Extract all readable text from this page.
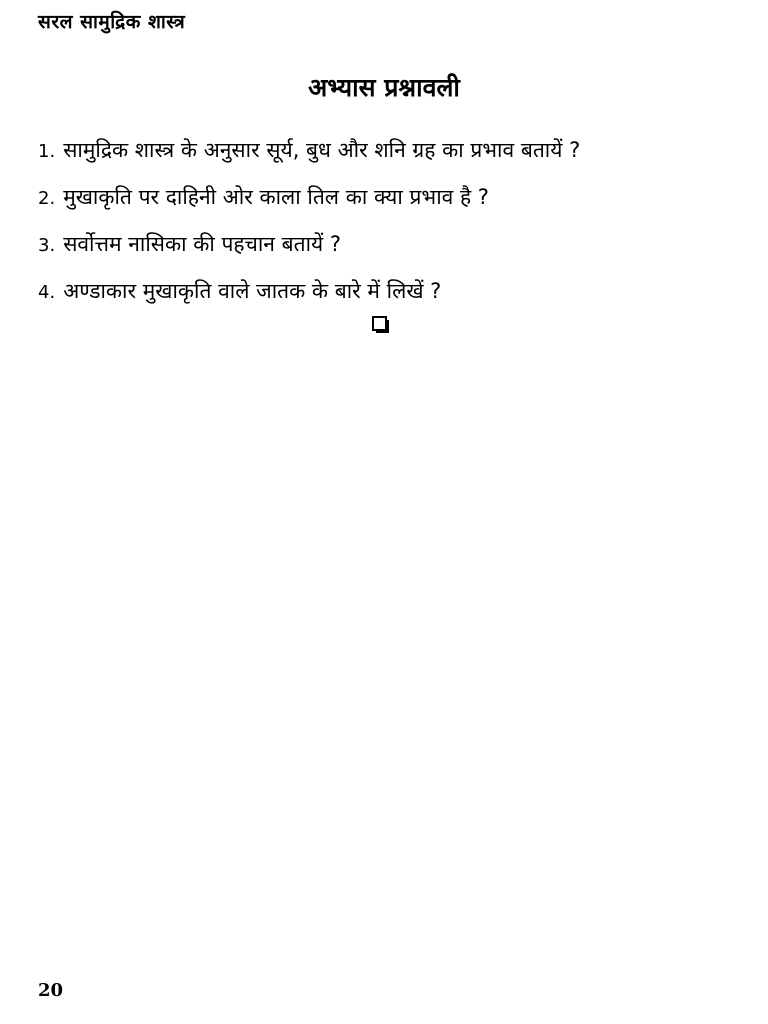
सरल सामुद्रिक शास्त्र
अभ्यास प्रश्नावली
1. सामुद्रिक शास्त्र के अनुसार सूर्य, बुध और शनि ग्रह का प्रभाव बतायें ?
2. मुखाकृति पर दाहिनी ओर काला तिल का क्या प्रभाव है ?
3. सर्वोत्तम नासिका की पहचान बतायें ?
4. अण्डाकार मुखाकृति वाले जातक के बारे में लिखें ?
20
